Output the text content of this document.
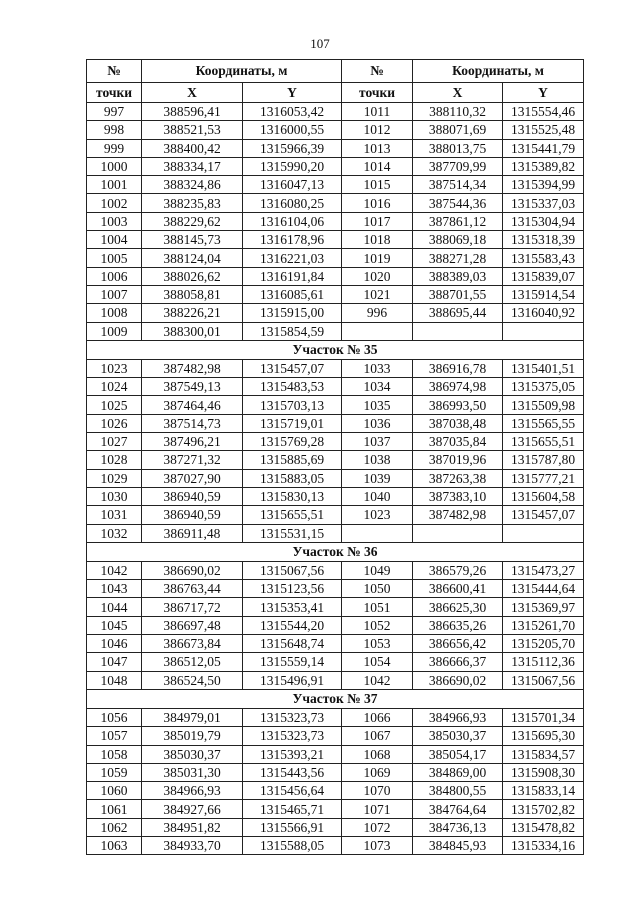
107
№	Координаты, м		№	Координаты, м	
точки	X	Y	точки	X	Y
997	388596,41	1316053,42	1011	388110,32	1315554,46
998	388521,53	1316000,55	1012	388071,69	1315525,48
999	388400,42	1315966,39	1013	388013,75	1315441,79
1000	388334,17	1315990,20	1014	387709,99	1315389,82
1001	388324,86	1316047,13	1015	387514,34	1315394,99
1002	388235,83	1316080,25	1016	387544,36	1315337,03
1003	388229,62	1316104,06	1017	387861,12	1315304,94
1004	388145,73	1316178,96	1018	388069,18	1315318,39
1005	388124,04	1316221,03	1019	388271,28	1315583,43
1006	388026,62	1316191,84	1020	388389,03	1315839,07
1007	388058,81	1316085,61	1021	388701,55	1315914,54
1008	388226,21	1315915,00	996	388695,44	1316040,92
1009	388300,01	1315854,59			
Участок № 35					
1023	387482,98	1315457,07	1033	386916,78	1315401,51
1024	387549,13	1315483,53	1034	386974,98	1315375,05
1025	387464,46	1315703,13	1035	386993,50	1315509,98
1026	387514,73	1315719,01	1036	387038,48	1315565,55
1027	387496,21	1315769,28	1037	387035,84	1315655,51
1028	387271,32	1315885,69	1038	387019,96	1315787,80
1029	387027,90	1315883,05	1039	387263,38	1315777,21
1030	386940,59	1315830,13	1040	387383,10	1315604,58
1031	386940,59	1315655,51	1023	387482,98	1315457,07
1032	386911,48	1315531,15			
Участок № 36					
1042	386690,02	1315067,56	1049	386579,26	1315473,27
1043	386763,44	1315123,56	1050	386600,41	1315444,64
1044	386717,72	1315353,41	1051	386625,30	1315369,97
1045	386697,48	1315544,20	1052	386635,26	1315261,70
1046	386673,84	1315648,74	1053	386656,42	1315205,70
1047	386512,05	1315559,14	1054	386666,37	1315112,36
1048	386524,50	1315496,91	1042	386690,02	1315067,56
Участок № 37					
1056	384979,01	1315323,73	1066	384966,93	1315701,34
1057	385019,79	1315323,73	1067	385030,37	1315695,30
1058	385030,37	1315393,21	1068	385054,17	1315834,57
1059	385031,30	1315443,56	1069	384869,00	1315908,30
1060	384966,93	1315456,64	1070	384800,55	1315833,14
1061	384927,66	1315465,71	1071	384764,64	1315702,82
1062	384951,82	1315566,91	1072	384736,13	1315478,82
1063	384933,70	1315588,05	1073	384845,93	1315334,16
